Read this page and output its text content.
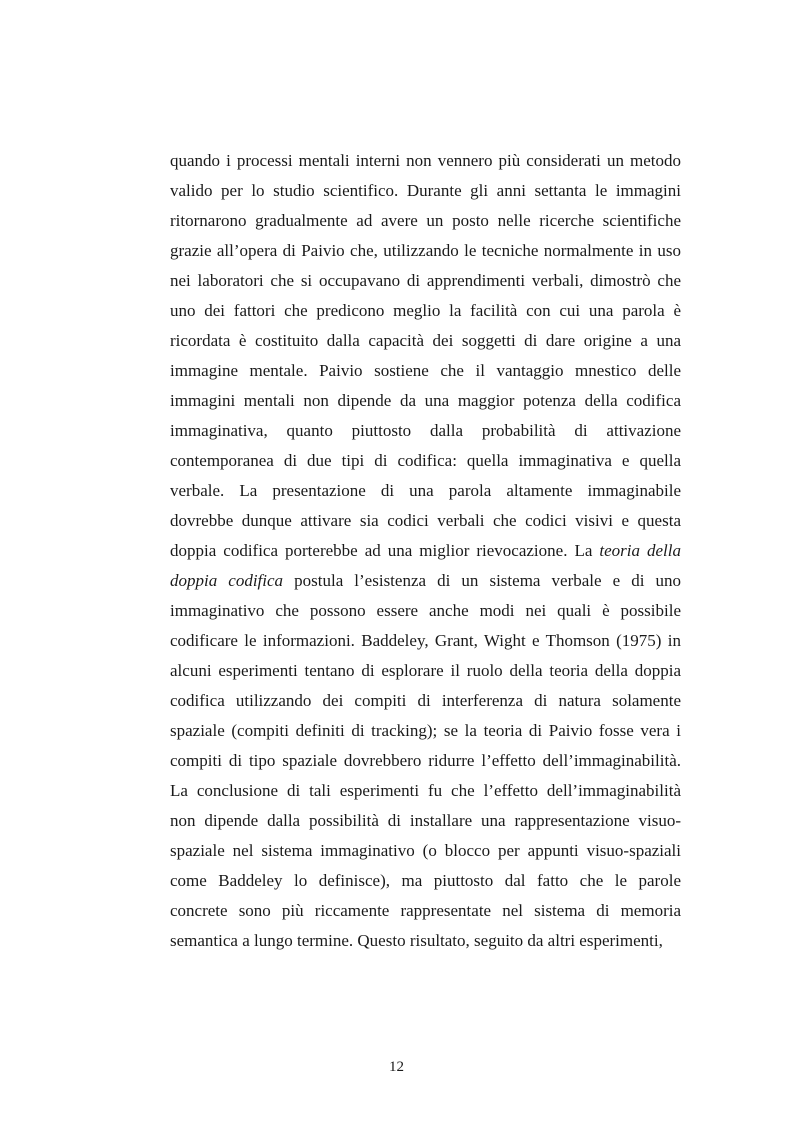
quando i processi mentali interni non vennero più considerati un metodo
valido per lo studio scientifico. Durante gli anni settanta le immagini
ritornarono gradualmente ad avere un posto nelle ricerche scientifiche
grazie all’opera di Paivio che, utilizzando le tecniche normalmente in uso
nei laboratori che si occupavano di apprendimenti verbali, dimostrò che
uno dei fattori che predicono meglio la facilità con cui una parola è
ricordata è costituito dalla capacità dei soggetti di dare origine a una
immagine mentale. Paivio sostiene che il vantaggio mnestico delle
immagini mentali non dipende da una maggior potenza della codifica
immaginativa, quanto piuttosto dalla probabilità di attivazione
contemporanea di due tipi di codifica: quella immaginativa e quella
verbale. La presentazione di una parola altamente immaginabile
dovrebbe dunque attivare sia codici verbali che codici visivi e questa
doppia codifica porterebbe ad una miglior rievocazione. La teoria della
doppia codifica postula l’esistenza di un sistema verbale e di uno
immaginativo che possono essere anche modi nei quali è possibile
codificare le informazioni. Baddeley, Grant, Wight e Thomson (1975) in
alcuni esperimenti tentano di esplorare il ruolo della teoria della doppia
codifica utilizzando dei compiti di interferenza di natura solamente
spaziale (compiti definiti di tracking); se la teoria di Paivio fosse vera i
compiti di tipo spaziale dovrebbero ridurre l’effetto dell’immaginabilità.
La conclusione di tali esperimenti fu che l’effetto dell’immaginabilità
non dipende dalla possibilità di installare una rappresentazione visuo-
spaziale nel sistema immaginativo (o blocco per appunti visuo-spaziali
come Baddeley lo definisce), ma piuttosto dal fatto che le parole
concrete sono più riccamente rappresentate nel sistema di memoria
semantica a lungo termine. Questo risultato, seguito da altri esperimenti,

12
